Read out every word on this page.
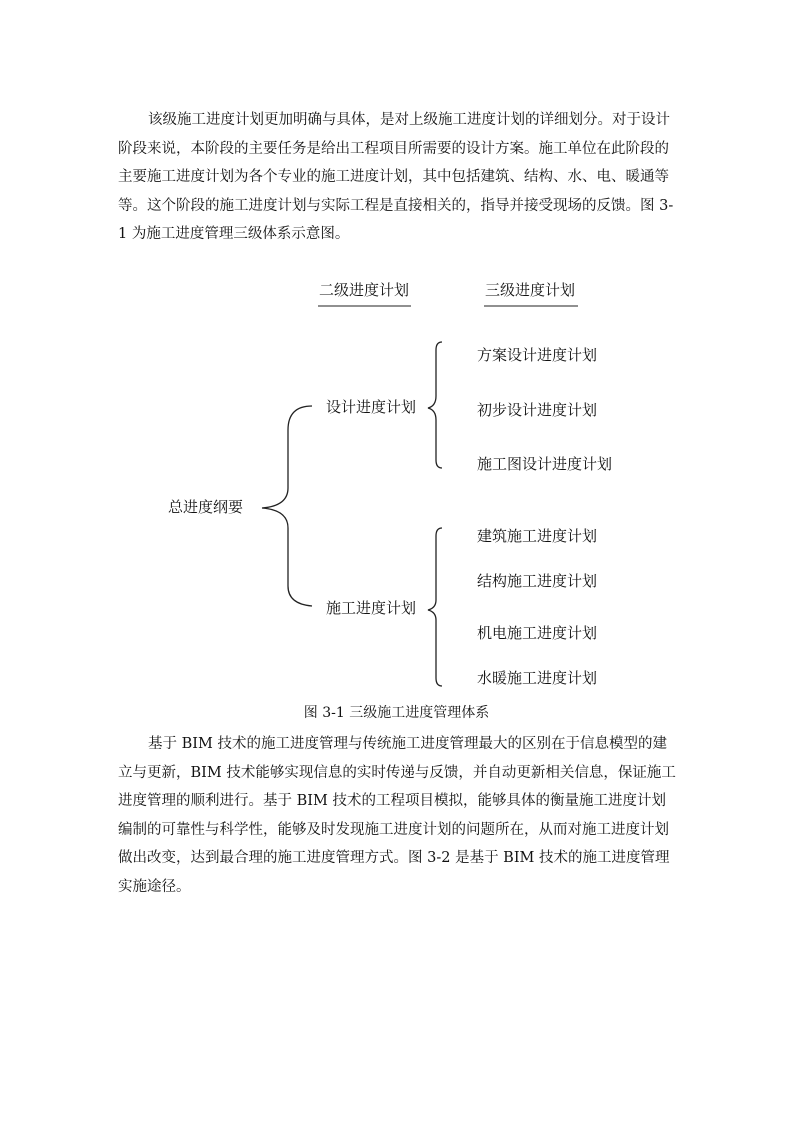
该级施工进度计划更加明确与具体，是对上级施工进度计划的详细划分。对于设计阶段来说，本阶段的主要任务是给出工程项目所需要的设计方案。施工单位在此阶段的主要施工进度计划为各个专业的施工进度计划，其中包括建筑、结构、水、电、暖通等等。这个阶段的施工进度计划与实际工程是直接相关的，指导并接受现场的反馈。图 3-1 为施工进度管理三级体系示意图。

二级进度计划	三级进度计划
总进度纲要
设计进度计划
施工进度计划
方案设计进度计划
初步设计进度计划
施工图设计进度计划
建筑施工进度计划
结构施工进度计划
机电施工进度计划
水暖施工进度计划

图 3-1 三级施工进度管理体系

基于 BIM 技术的施工进度管理与传统施工进度管理最大的区别在于信息模型的建立与更新，BIM 技术能够实现信息的实时传递与反馈，并自动更新相关信息，保证施工进度管理的顺利进行。基于 BIM 技术的工程项目模拟，能够具体的衡量施工进度计划编制的可靠性与科学性，能够及时发现施工进度计划的问题所在，从而对施工进度计划做出改变，达到最合理的施工进度管理方式。图 3-2 是基于 BIM 技术的施工进度管理实施途径。
